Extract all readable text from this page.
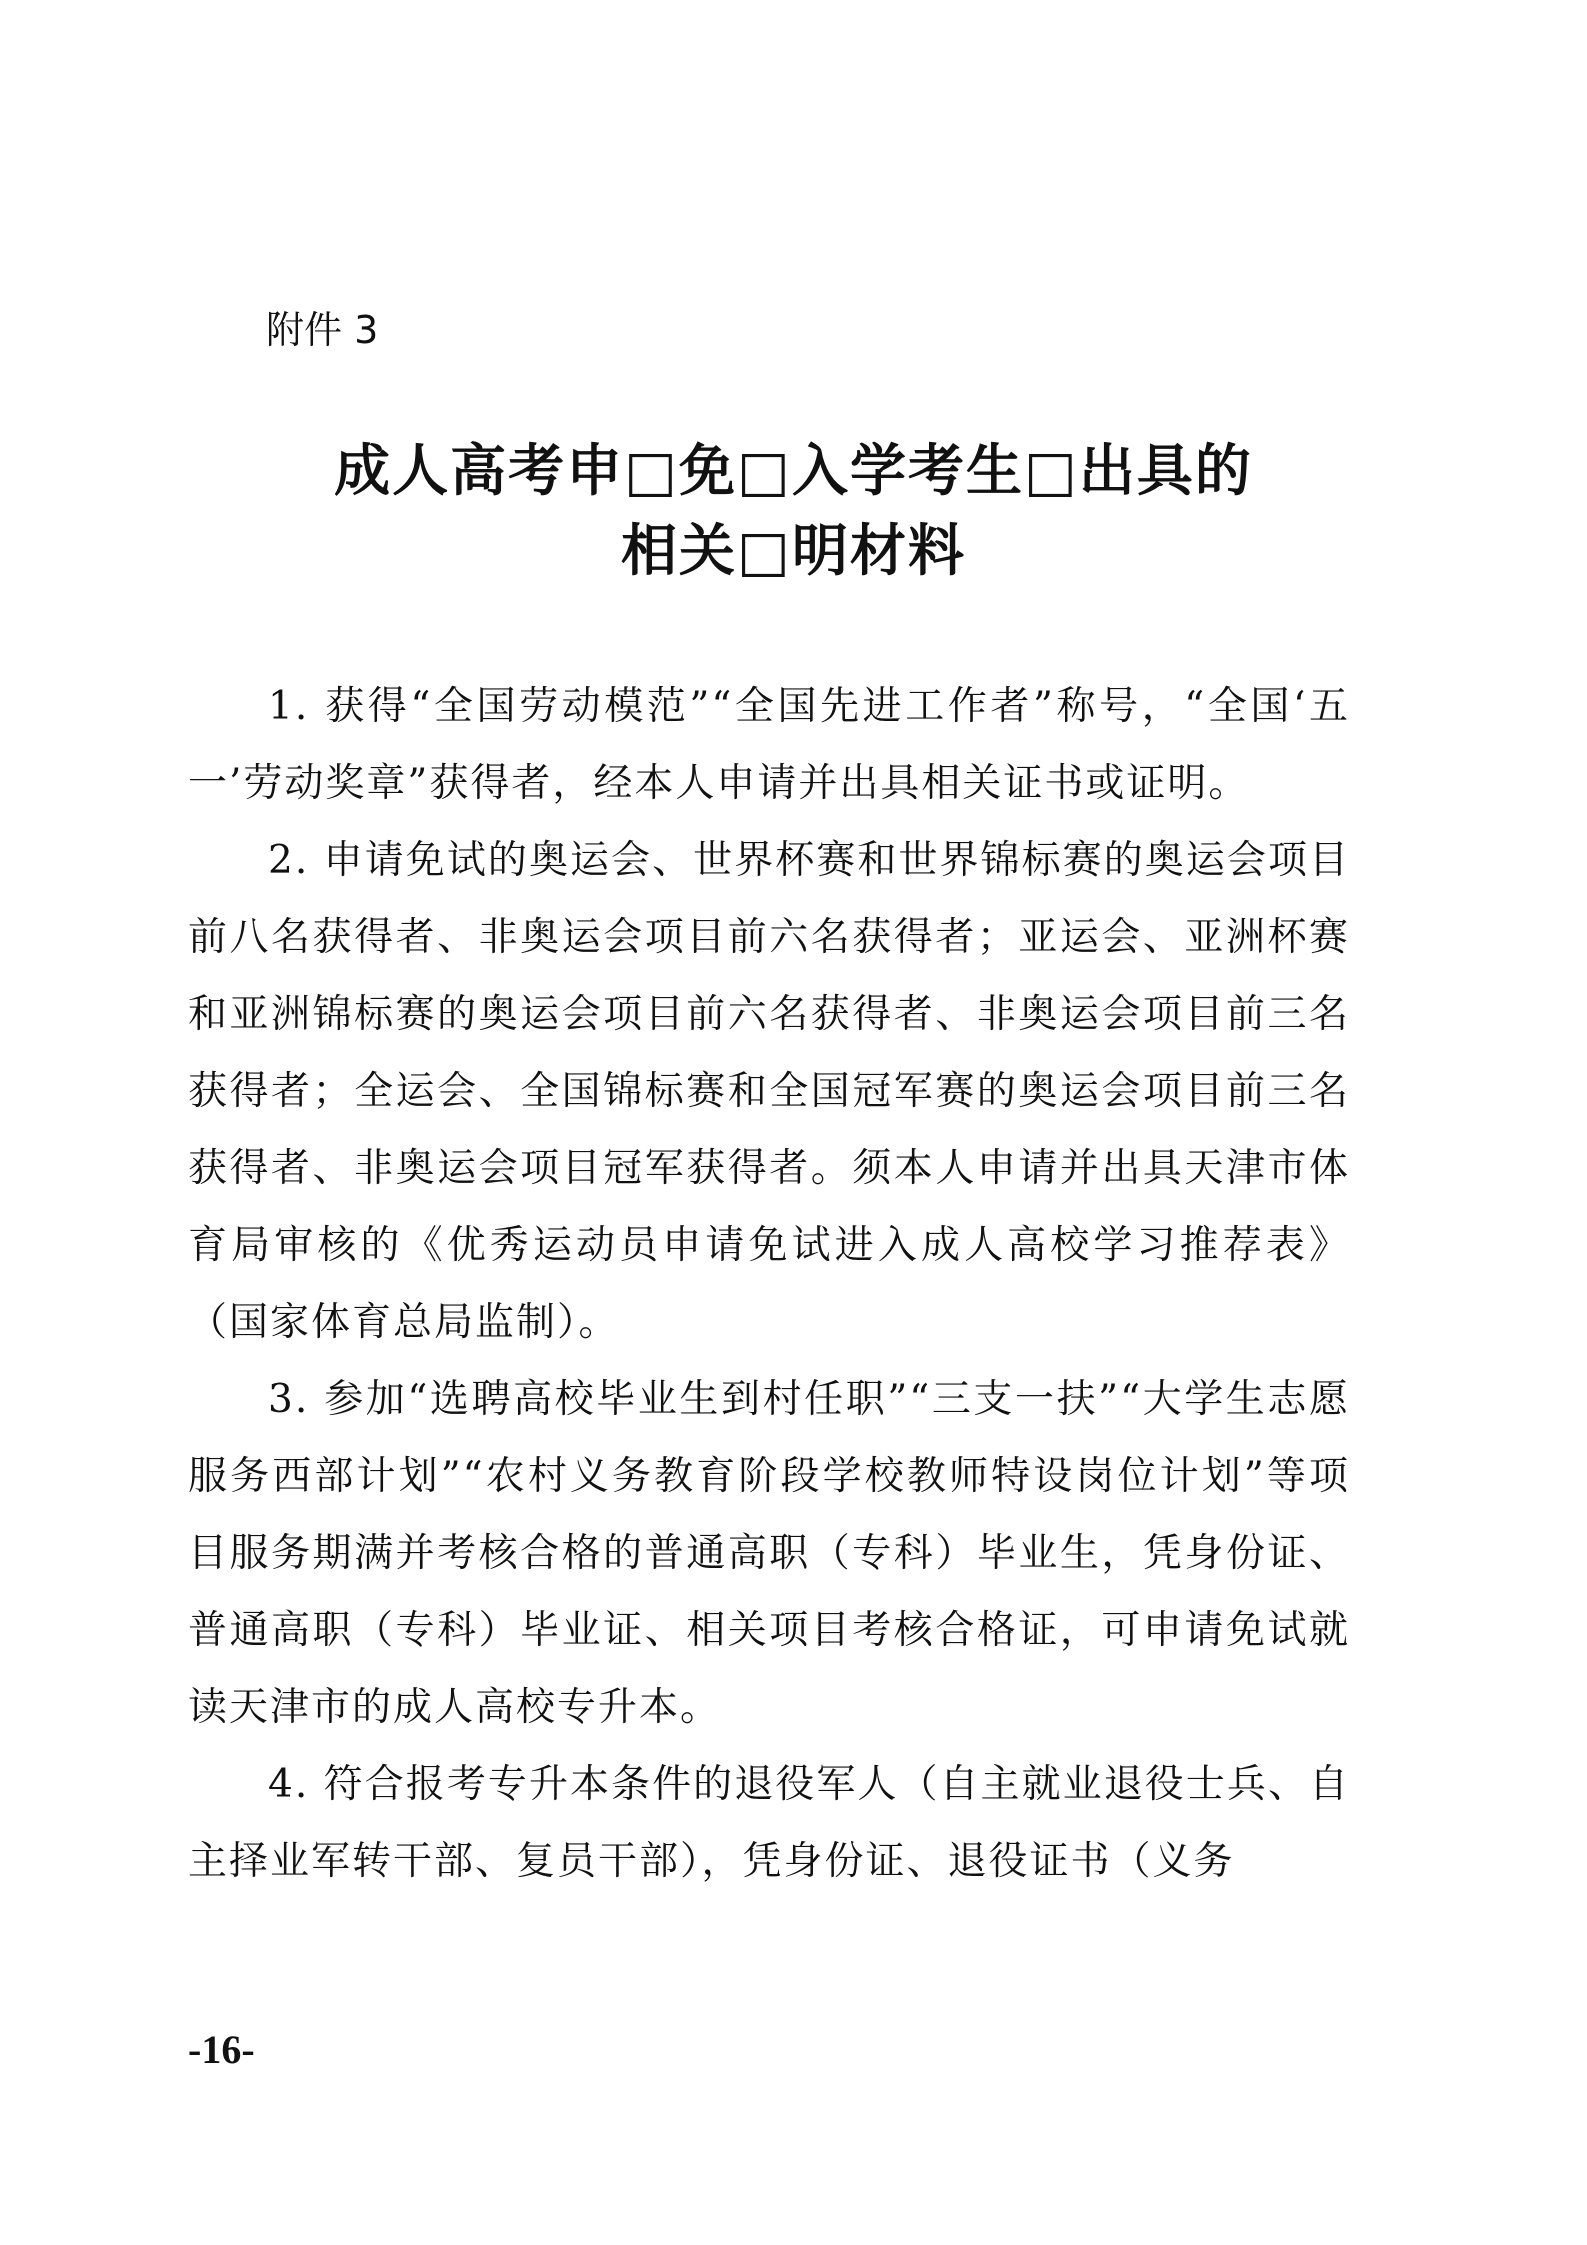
附件 3
成人高考申□免□入学考生□出具的
相关□明材料

1. 获得“全国劳动模范”“全国先进工作者”称号，“全国‘五一’劳动奖章”获得者，经本人申请并出具相关证书或证明。

2. 申请免试的奥运会、世界杯赛和世界锦标赛的奥运会项目前八名获得者、非奥运会项目前六名获得者；亚运会、亚洲杯赛和亚洲锦标赛的奥运会项目前六名获得者、非奥运会项目前三名获得者；全运会、全国锦标赛和全国冠军赛的奥运会项目前三名获得者、非奥运会项目冠军获得者。须本人申请并出具天津市体育局审核的《优秀运动员申请免试进入成人高校学习推荐表》（国家体育总局监制）。

3. 参加“选聘高校毕业生到村任职”“三支一扶”“大学生志愿服务西部计划”“农村义务教育阶段学校教师特设岗位计划”等项目服务期满并考核合格的普通高职（专科）毕业生，凭身份证、普通高职（专科）毕业证、相关项目考核合格证，可申请免试就读天津市的成人高校专升本。

4. 符合报考专升本条件的退役军人（自主就业退役士兵、自主择业军转干部、复员干部），凭身份证、退役证书（义务

-16-
